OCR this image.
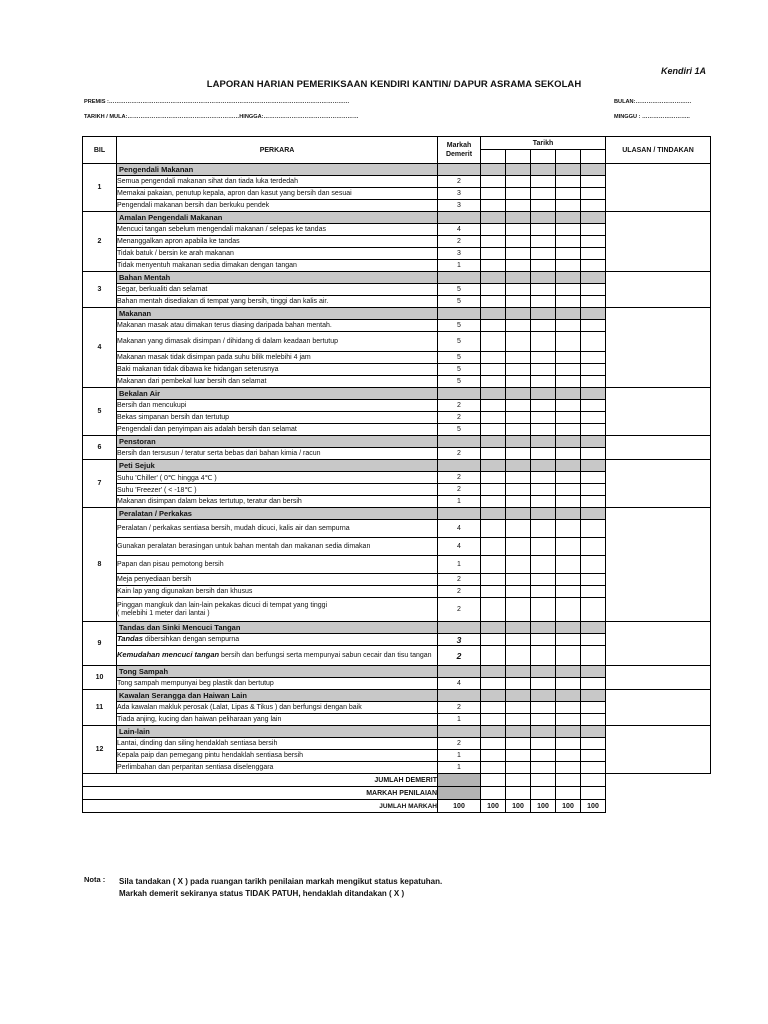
Kendiri 1A
LAPORAN HARIAN PEMERIKSAAN KENDIRI KANTIN/ DAPUR ASRAMA SEKOLAH
PREMIS :…………………………………………………………………………………………………………………
TARIKH / MULA:……………………………………………………HINGGA:……………………………………………
BULAN:…………………………
MINGGU : ……………………..
BIL	PERKARA	Markah
Demerit	Tarikh					ULASAN / TINDAKAN

1	Pengendali Makanan							
	Semua pengendali makanan sihat dan tiada luka terdedah	2						
	Memakai pakaian, penutup kepala, apron dan kasut yang bersih dan sesuai	3						
	Pengendali makanan bersih dan berkuku pendek	3						
2	Amalan Pengendali Makanan							
	Mencuci tangan sebelum mengendali makanan / selepas ke tandas	4						
	Menanggalkan apron apabila ke tandas	2						
	Tidak batuk / bersin ke arah makanan	3						
	Tidak menyentuh makanan sedia dimakan dengan tangan	1						
3	Bahan Mentah							
	Segar, berkualiti dan selamat	5						
	Bahan mentah disediakan di tempat yang bersih, tinggi dan kalis air.	5						
4	Makanan							
	Makanan masak atau dimakan terus diasing daripada bahan mentah.	5						
	Makanan yang dimasak disimpan / dihidang di dalam keadaan bertutup	5						
	Makanan masak tidak disimpan pada suhu bilik melebihi 4 jam	5						
	Baki makanan tidak dibawa ke hidangan seterusnya	5						
	Makanan dari pembekal luar bersih dan selamat	5						
5	Bekalan Air							
	Bersih dan mencukupi	2						
	Bekas simpanan bersih dan tertutup	2						
	Pengendali dan penyimpan ais adalah bersih dan selamat	5						
6	Penstoran							
	Bersih dan tersusun / teratur serta bebas dari bahan kimia / racun	2						
7	Peti Sejuk							
	Suhu 'Chiller' ( 0℃ hingga 4℃ )	2						
	Suhu 'Freezer' ( < -18℃ )	2						
	Makanan disimpan dalam bekas tertutup, teratur dan bersih	1						
8	Peralatan / Perkakas							
	Peralatan / perkakas sentiasa bersih, mudah dicuci, kalis air dan sempurna	4						
	Gunakan peralatan berasingan untuk bahan mentah dan makanan sedia dimakan	4						
	Papan dan pisau pemotong bersih	1						
	Meja penyediaan bersih	2						
	Kain lap yang digunakan bersih dan khusus	2						
	Pinggan mangkuk dan lain-lain pekakas dicuci di tempat yang tinggi
( melebihi 1 meter dari lantai )	2						
9	Tandas dan Sinki Mencuci Tangan							
	Tandas dibersihkan dengan sempurna	3						
	Kemudahan mencuci tangan bersih dan berfungsi serta mempunyai sabun cecair dan tisu tangan	2						
10	Tong Sampah							
	Tong sampah mempunyai beg plastik dan bertutup	4						
11	Kawalan Serangga dan Haiwan Lain							
	Ada kawalan makluk perosak (Lalat, Lipas & Tikus ) dan berfungsi dengan baik	2						
	Tiada anjing, kucing dan haiwan peliharaan yang lain	1						
12	Lain-lain							
	Lantai, dinding dan siling hendaklah sentiasa bersih	2						
	Kepala paip dan pemegang pintu hendaklah sentiasa bersih	1						
	Perlimbahan dan perparitan sentiasa diselenggara	1						
JUMLAH DEMERIT								
MARKAH PENILAIAN								
JUMLAH MARKAH		100	100	100	100	100	100	
Nota : Sila tandakan ( X ) pada ruangan tarikh penilaian markah mengikut status kepatuhan.
Markah demerit sekiranya status TIDAK PATUH, hendaklah ditandakan ( X )
